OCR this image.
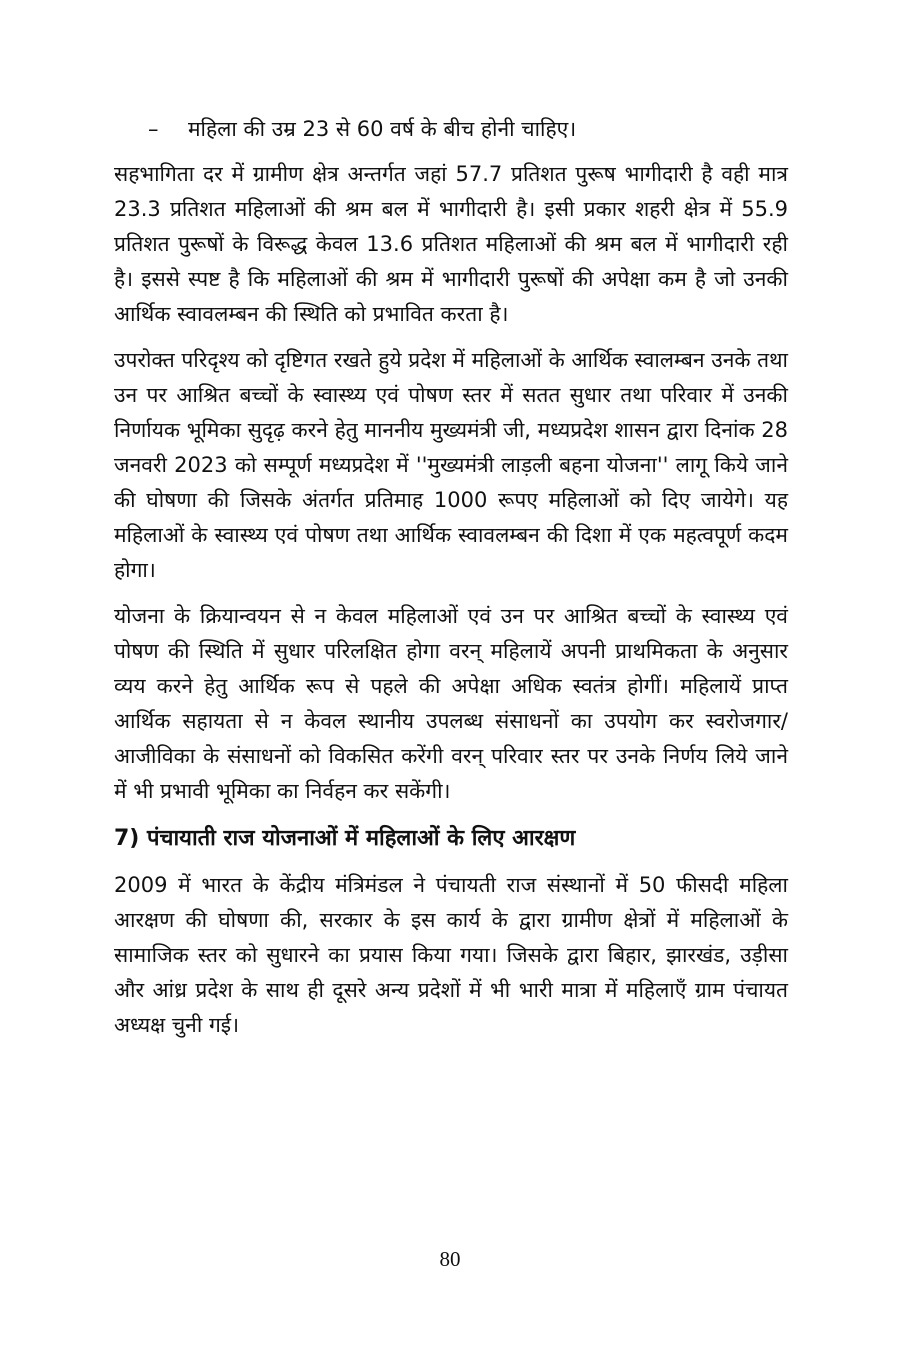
–	महिला की उम्र 23 से 60 वर्ष के बीच होनी चाहिए।

सहभागिता दर में ग्रामीण क्षेत्र अन्तर्गत जहां 57.7 प्रतिशत पुरूष भागीदारी है वही मात्र 23.3 प्रतिशत महिलाओं की श्रम बल में भागीदारी है। इसी प्रकार शहरी क्षेत्र में 55.9 प्रतिशत पुरूषों के विरूद्ध केवल 13.6 प्रतिशत महिलाओं की श्रम बल में भागीदारी रही है। इससे स्पष्ट है कि महिलाओं की श्रम में भागीदारी पुरूषों की अपेक्षा कम है जो उनकी आर्थिक स्वावलम्बन की स्थिति को प्रभावित करता है।

उपरोक्त परिदृश्य को दृष्टिगत रखते हुये प्रदेश में महिलाओं के आर्थिक स्वालम्बन उनके तथा उन पर आश्रित बच्चों के स्वास्थ्य एवं पोषण स्तर में सतत सुधार तथा परिवार में उनकी निर्णायक भूमिका सुदृढ़ करने हेतु माननीय मुख्यमंत्री जी, मध्यप्रदेश शासन द्वारा दिनांक 28 जनवरी 2023 को सम्पूर्ण मध्यप्रदेश में ''मुख्यमंत्री लाड़ली बहना योजना'' लागू किये जाने की घोषणा की जिसके अंतर्गत प्रतिमाह 1000 रूपए महिलाओं को दिए जायेगे। यह महिलाओं के स्वास्थ्य एवं पोषण तथा आर्थिक स्वावलम्बन की दिशा में एक महत्वपूर्ण कदम होगा।

योजना के क्रियान्वयन से न केवल महिलाओं एवं उन पर आश्रित बच्चों के स्वास्थ्य एवं पोषण की स्थिति में सुधार परिलक्षित होगा वरन् महिलायें अपनी प्राथमिकता के अनुसार व्यय करने हेतु आर्थिक रूप से पहले की अपेक्षा अधिक स्वतंत्र होगीं। महिलायें प्राप्त आर्थिक सहायता से न केवल स्थानीय उपलब्ध संसाधनों का उपयोग कर स्वरोजगार/आजीविका के संसाधनों को विकसित करेंगी वरन् परिवार स्तर पर उनके निर्णय लिये जाने में भी प्रभावी भूमिका का निर्वहन कर सकेंगी।

7) पंचायाती राज योजनाओं में महिलाओं के लिए आरक्षण

2009 में भारत के केंद्रीय मंत्रिमंडल ने पंचायती राज संस्थानों में 50 फीसदी महिला आरक्षण की घोषणा की, सरकार के इस कार्य के द्वारा ग्रामीण क्षेत्रों में महिलाओं के सामाजिक स्तर को सुधारने का प्रयास किया गया। जिसके द्वारा बिहार, झारखंड, उड़ीसा और आंध्र प्रदेश के साथ ही दूसरे अन्य प्रदेशों में भी भारी मात्रा में महिलाएँ ग्राम पंचायत अध्यक्ष चुनी गई।

80
